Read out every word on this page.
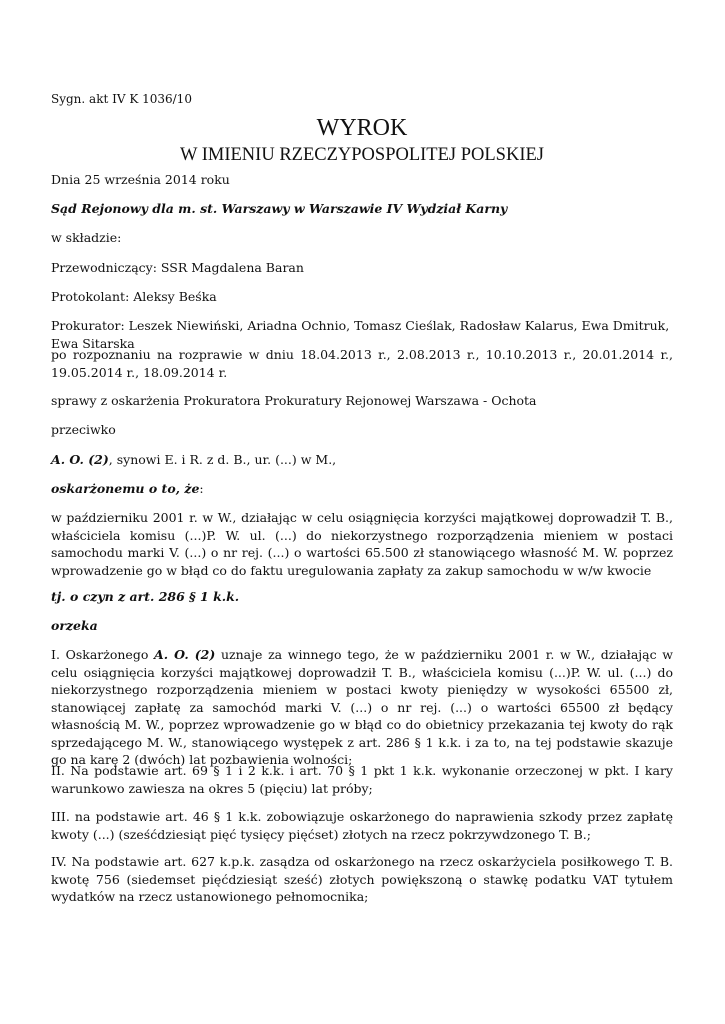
Sygn. akt IV K 1036/10
WYROK
W IMIENIU RZECZYPOSPOLITEJ POLSKIEJ

Dnia 25 września 2014 roku

Sąd Rejonowy dla m. st. Warszawy w Warszawie IV Wydział Karny

w składzie:

Przewodniczący: SSR Magdalena Baran

Protokolant: Aleksy Beśka

Prokurator: Leszek Niewiński, Ariadna Ochnio, Tomasz Cieślak, Radosław Kalarus, Ewa Dmitruk, Ewa Sitarska

po rozpoznaniu na rozprawie w dniu 18.04.2013 r., 2.08.2013 r., 10.10.2013 r., 20.01.2014 r., 19.05.2014 r., 18.09.2014 r.

sprawy z oskarżenia Prokuratora Prokuratury Rejonowej Warszawa - Ochota

przeciwko

A. O. (2), synowi E. i R. z d. B., ur. (...) w M.,

oskarżonemu o to, że:

w październiku 2001 r. w W., działając w celu osiągnięcia korzyści majątkowej doprowadził T. B., właściciela komisu (...)P. W. ul. (...) do niekorzystnego rozporządzenia mieniem w postaci samochodu marki V. (...) o nr rej. (...) o wartości 65.500 zł stanowiącego własność M. W. poprzez wprowadzenie go w błąd co do faktu uregulowania zapłaty za zakup samochodu w w/w kwocie

tj. o czyn z art. 286 § 1 k.k.

orzeka

I. Oskarżonego A. O. (2) uznaje za winnego tego, że w październiku 2001 r. w W., działając w celu osiągnięcia korzyści majątkowej doprowadził T. B., właściciela komisu (...)P. W. ul. (...) do niekorzystnego rozporządzenia mieniem w postaci kwoty pieniędzy w wysokości 65500 zł, stanowiącej zapłatę za samochód marki V. (...) o nr rej. (...) o wartości 65500 zł będący własnością M. W., poprzez wprowadzenie go w błąd co do obietnicy przekazania tej kwoty do rąk sprzedającego M. W., stanowiącego występek z art. 286 § 1 k.k. i za to, na tej podstawie skazuje go na karę 2 (dwóch) lat pozbawienia wolności;

II. Na podstawie art. 69 § 1 i 2 k.k. i art. 70 § 1 pkt 1 k.k. wykonanie orzeczonej w pkt. I kary warunkowo zawiesza na okres 5 (pięciu) lat próby;

III. na podstawie art. 46 § 1 k.k. zobowiązuje oskarżonego do naprawienia szkody przez zapłatę kwoty (...) (sześćdziesiąt pięć tysięcy pięćset) złotych na rzecz pokrzywdzonego T. B.;

IV. Na podstawie art. 627 k.p.k. zasądza od oskarżonego na rzecz oskarżyciela posiłkowego T. B. kwotę 756 (siedemset pięćdziesiąt sześć) złotych powiększoną o stawkę podatku VAT tytułem wydatków na rzecz ustanowionego pełnomocnika;
